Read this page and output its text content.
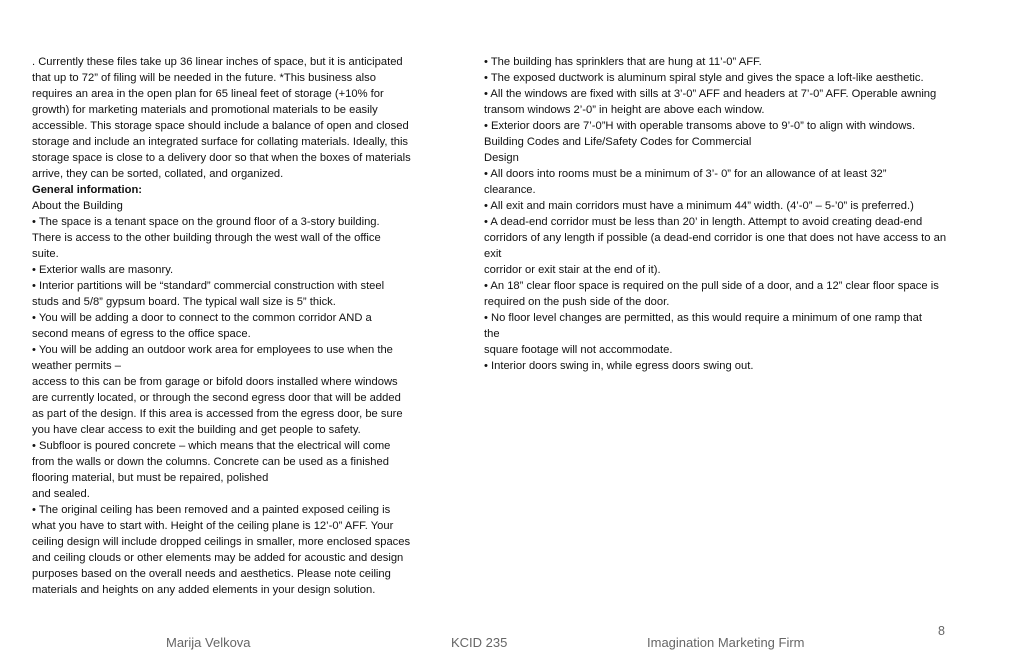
. Currently these files take up 36 linear inches of space, but it is anticipated

that up to 72” of filing will be needed in the future. *This business also

requires an area in the open plan for 65 lineal feet of storage (+10% for

growth) for marketing materials and promotional materials to be easily

accessible. This storage space should include a balance of open and closed

storage and include an integrated surface for collating materials. Ideally, this

storage space is close to a delivery door so that when the boxes of materials

arrive, they can be sorted, collated, and organized.

General information:

About the Building

• The space is a tenant space on the ground floor of a 3-story building.

There is access to the other building through the west wall of the office

suite.

• Exterior walls are masonry.

• Interior partitions will be “standard” commercial construction with steel

studs and 5/8” gypsum board. The typical wall size is 5” thick.

• You will be adding a door to connect to the common corridor AND a

second means of egress to the office space.

• You will be adding an outdoor work area for employees to use when the

weather permits –

access to this can be from garage or bifold doors installed where windows

are currently located, or through the second egress door that will be added

as part of the design. If this area is accessed from the egress door, be sure

you have clear access to exit the building and get people to safety.

• Subfloor is poured concrete – which means that the electrical will come

from the walls or down the columns. Concrete can be used as a finished

flooring material, but must be repaired, polished

and sealed.

• The original ceiling has been removed and a painted exposed ceiling is

what you have to start with. Height of the ceiling plane is 12’-0” AFF. Your

ceiling design will include dropped ceilings in smaller, more enclosed spaces

and ceiling clouds or other elements may be added for acoustic and design

purposes based on the overall needs and aesthetics. Please note ceiling

materials and heights on any added elements in your design solution.

• The building has sprinklers that are hung at 11’-0” AFF.

• The exposed ductwork is aluminum spiral style and gives the space a loft-like aesthetic.

• All the windows are fixed with sills at 3’-0” AFF and headers at 7’-0” AFF. Operable awning

transom windows 2’-0” in height are above each window.

• Exterior doors are 7’-0”H with operable transoms above to 9’-0” to align with windows.

Building Codes and Life/Safety Codes for Commercial

Design

• All doors into rooms must be a minimum of 3’- 0” for an allowance of at least 32”

clearance.

• All exit and main corridors must have a minimum 44” width. (4’-0” – 5-’0” is preferred.)

• A dead-end corridor must be less than 20’ in length. Attempt to avoid creating dead-end

corridors of any length if possible (a dead-end corridor is one that does not have access to an

exit

corridor or exit stair at the end of it).

• An 18” clear floor space is required on the pull side of a door, and a 12” clear floor space is

required on the push side of the door.

• No floor level changes are permitted, as this would require a minimum of one ramp that

the

square footage will not accommodate.

• Interior doors swing in, while egress doors swing out.

Marija Velkova	KCID 235	Imagination Marketing Firm
8
